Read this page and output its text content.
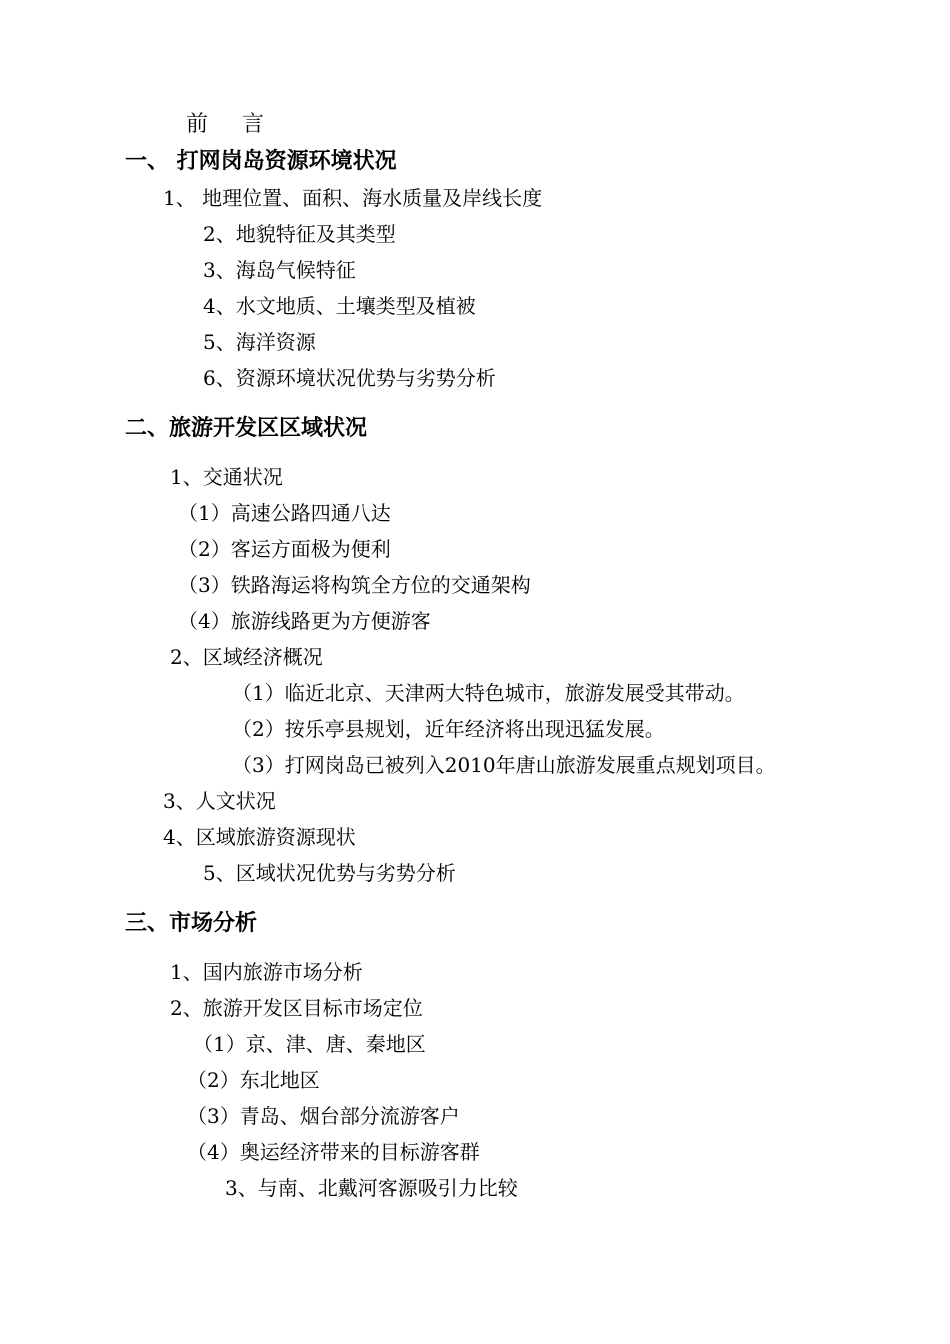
前言
一、 打网岗岛资源环境状况
1、 地理位置、面积、海水质量及岸线长度
2、地貌特征及其类型
3、海岛气候特征
4、水文地质、土壤类型及植被
5、海洋资源
6、资源环境状况优势与劣势分析
二、旅游开发区区域状况
1、交通状况
（1）高速公路四通八达
（2）客运方面极为便利
（3）铁路海运将构筑全方位的交通架构
（4）旅游线路更为方便游客
2、区域经济概况
（1）临近北京、天津两大特色城市，旅游发展受其带动。
（2）按乐亭县规划，近年经济将出现迅猛发展。
（3）打网岗岛已被列入2010年唐山旅游发展重点规划项目。
3、人文状况
4、区域旅游资源现状
5、区域状况优势与劣势分析
三、市场分析
1、国内旅游市场分析
2、旅游开发区目标市场定位
（1）京、津、唐、秦地区
（2）东北地区
（3）青岛、烟台部分流游客户
（4）奥运经济带来的目标游客群
3、与南、北戴河客源吸引力比较
